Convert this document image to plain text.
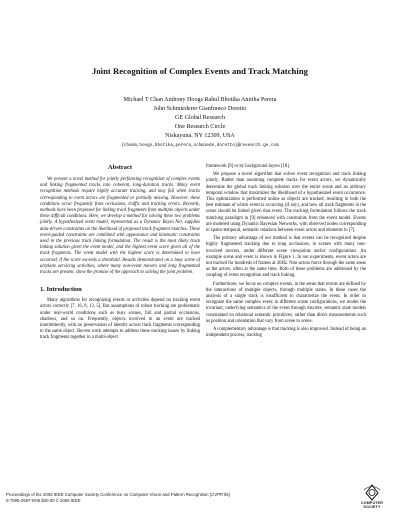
Joint Recognition of Complex Events and Track Matching
Michael T Chan Anthony Hoogs Rahul Bhotika Amitha Perera
John Schmiederer Gianfranco Doretto
GE Global Research
One Research Circle
Niskayuna, NY 12309, USA
{chanm,hoogs,bhotika,perera,schmiede,doretto}@research.ge.com
Abstract

We present a novel method for jointly performing recognition of complex events and linking fragmented tracks into coherent, long-duration tracks. Many event recognition methods require highly accurate tracking, and may fail when tracks corresponding to event actors are fragmented or partially missing. However, these conditions occur frequently from occlusions, traffic and tracking errors. Recently, methods have been proposed for linking track fragments from multiple objects under these difficult conditions. Here, we develop a method for solving these two problems jointly. A hypothesized event model, represented as a Dynamic Bayes Net, supplies data-driven constraints on the likelihood of proposed track fragment matches. These event-guided constraints are combined with appearance and kinematic constraints used in the previous track linking formulation. The result is the most likely track linking solution given the event model, and the highest event score given all of the track fragments. The event model with the highest score is determined to have occurred, if the score exceeds a threshold. Results demonstrated on a busy scene of airplane servicing activities, where many non-event movers and long fragmented tracks are present, show the promise of the approach to solving the joint problem.

1. Introduction

Many algorithms for recognizing events or activities depend on tracking event actors correctly [7, 16, 8, 13, 5]. But assumptions of robust tracking are problematic under real-world conditions such as busy scenes, full and partial occlusions, shadows, and so on. Frequently, objects involved in an event are tracked intermittently, with no preservation of identity across track fragments corresponding to the same object. Recent work attempts to address these tracking issues by linking track fragments together in a multi-object

framework [9] or by background layers [18].

We propose a novel algorithm that solves event recognition and track linking jointly. Rather than assuming complete tracks for event actors, we dynamically determine the global track linking solution over the entire scene and an arbitrary temporal window that maximizes the likelihood of a hypothesized event occurrence. This optimization is performed online as objects are tracked, resulting in both the best estimate of which event is occurring (if any), and how all track fragments in the scene should be linked given that event. The tracking formulation follows the track matching paradigm in [9] enhanced with constraints from the event model. Events are modeled using Dynamic Bayesian Networks, with observed nodes corresponding to spatio-temporal, semantic relations between event actors and elements in [7].

The primary advantage of our method is that events can be recognized despite highly fragmented tracking due to long occlusions, in scenes with many non-involved movers, under different scene viewpoints and/or configurations. An example scene and event is shown in Figure 1. In our experiments, event actors are not tracked for hundreds of frames at 30Hz. Non-actors move through the same areas as the actors, often at the same time. Both of these problems are addressed by the coupling of event recognition and track linking.

Furthermore, we focus on complex events, in the sense that events are defined by the interactions of multiple objects, through multiple states. In these cases the analysis of a single track is insufficient to characterize the event. In order to recognize the same complex event in different scene configurations, we model the invariant, underlying semantics of the event through discrete, semantic state models constrained on relational semantic primitives, rather than direct measurements such as position and orientation that vary from scene to scene.

A complementary advantage is that tracking is also improved. Instead of being an independent process, tracking

Proceedings of the 2006 IEEE Computer Society Conference on Computer Vision and Pattern Recognition (CVPR'06)
0-7695-2597-0/06 $20.00 © 2006 IEEE
COMPUTER
SOCIETY
